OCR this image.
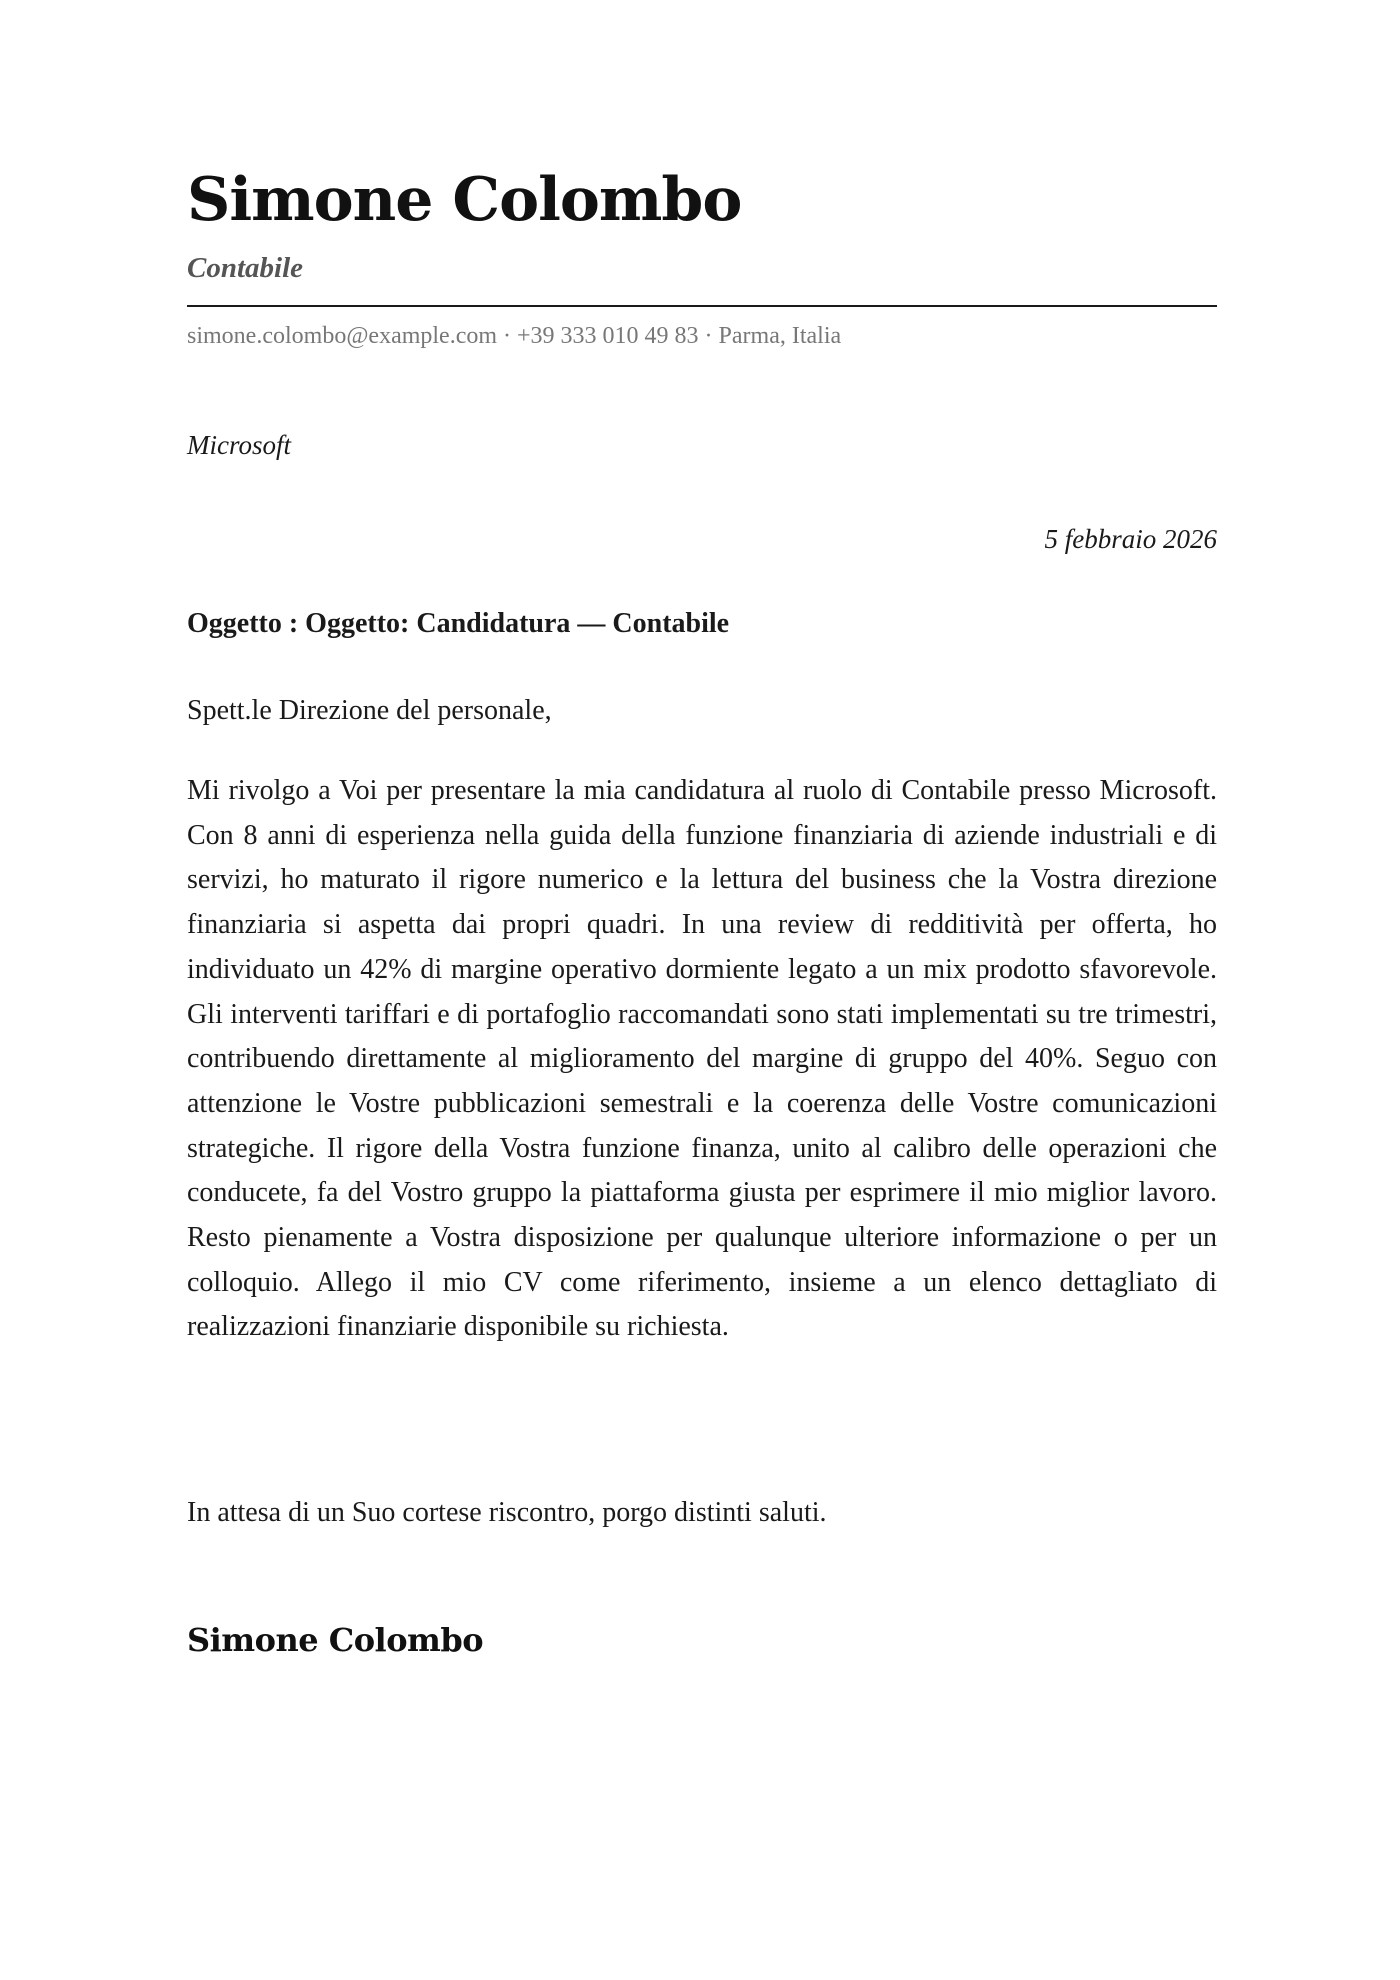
Simone Colombo
Contabile
simone.colombo@example.com · +39 333 010 49 83 · Parma, Italia
Microsoft
5 febbraio 2026
Oggetto : Oggetto: Candidatura — Contabile
Spett.le Direzione del personale,

Mi rivolgo a Voi per presentare la mia candidatura al ruolo di Contabile presso Microsoft. Con 8 anni di esperienza nella guida della funzione finanziaria di aziende industriali e di servizi, ho maturato il rigore numerico e la lettura del business che la Vostra direzione finanziaria si aspetta dai propri quadri. In una review di redditività per offerta, ho individuato un 42% di margine operativo dormiente legato a un mix prodotto sfavorevole. Gli interventi tariffari e di portafoglio raccomandati sono stati implementati su tre trimestri, contribuendo direttamente al miglioramento del margine di gruppo del 40%. Seguo con attenzione le Vostre pubblicazioni semestrali e la coerenza delle Vostre comunicazioni strategiche. Il rigore della Vostra funzione finanza, unito al calibro delle operazioni che conducete, fa del Vostro gruppo la piattaforma giusta per esprimere il mio miglior lavoro. Resto pienamente a Vostra disposizione per qualunque ulteriore informazione o per un colloquio. Allego il mio CV come riferimento, insieme a un elenco dettagliato di realizzazioni finanziarie disponibile su richiesta.

In attesa di un Suo cortese riscontro, porgo distinti saluti.
Simone Colombo
